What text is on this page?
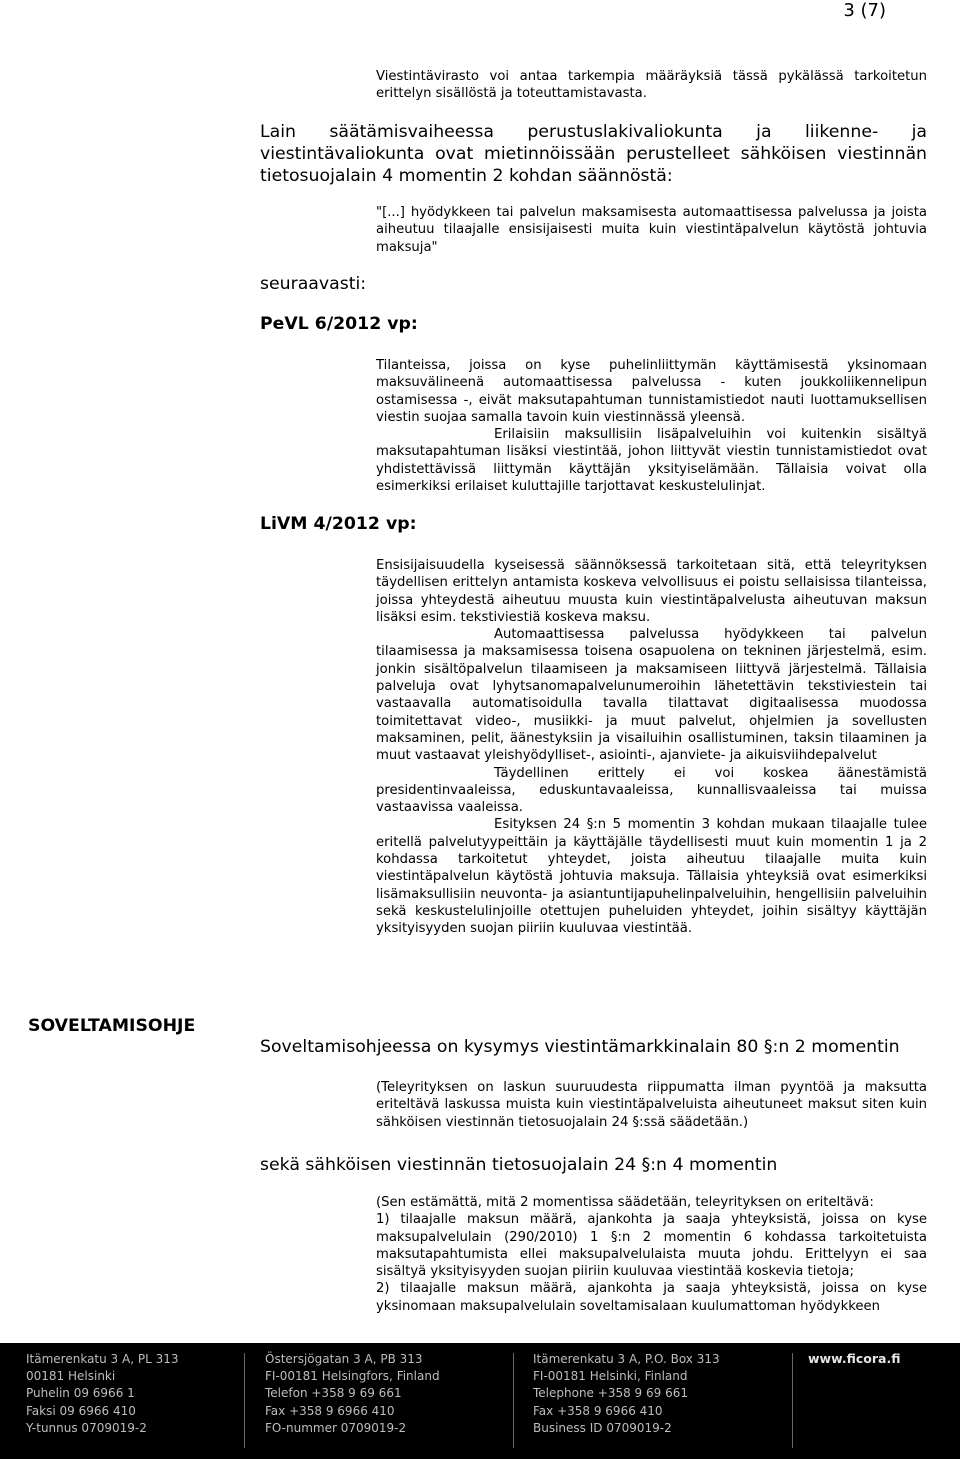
3 (7)

Viestintävirasto voi antaa tarkempia määräyksiä tässä pykälässä tarkoitetun erittelyn sisällöstä ja toteuttamistavasta.

Lain säätämisvaiheessa perustuslakivaliokunta ja liikenne- ja viestintävaliokunta ovat mietinnöissään perustelleet sähköisen viestinnän tietosuojalain 4 momentin 2 kohdan säännöstä:

"[...] hyödykkeen tai palvelun maksamisesta automaattisessa palvelussa ja joista aiheutuu tilaajalle ensisijaisesti muita kuin viestintäpalvelun käytöstä johtuvia maksuja"

seuraavasti:

PeVL 6/2012 vp:

Tilanteissa, joissa on kyse puhelinliittymän käyttämisestä yksinomaan maksuvälineenä automaattisessa palvelussa - kuten joukkoliikennelipun ostamisessa -, eivät maksutapahtuman tunnistamistiedot nauti luottamuksellisen viestin suojaa samalla tavoin kuin viestinnässä yleensä.

Erilaisiin maksullisiin lisäpalveluihin voi kuitenkin sisältyä maksutapahtuman lisäksi viestintää, johon liittyvät viestin tunnistamistiedot ovat yhdistettävissä liittymän käyttäjän yksityiselämään. Tällaisia voivat olla esimerkiksi erilaiset kuluttajille tarjottavat keskustelulinjat.

LiVM 4/2012 vp:

Ensisijaisuudella kyseisessä säännöksessä tarkoitetaan sitä, että teleyrityksen täydellisen erittelyn antamista koskeva velvollisuus ei poistu sellaisissa tilanteissa, joissa yhteydestä aiheutuu muusta kuin viestintäpalvelusta aiheutuvan maksun lisäksi esim. tekstiviestiä koskeva maksu.

Automaattisessa palvelussa hyödykkeen tai palvelun tilaamisessa ja maksamisessa toisena osapuolena on tekninen järjestelmä, esim. jonkin sisältöpalvelun tilaamiseen ja maksamiseen liittyvä järjestelmä. Tällaisia palveluja ovat lyhytsanomapalvelunumeroihin lähetettävin tekstiviestein tai vastaavalla automatisoidulla tavalla tilattavat digitaalisessa muodossa toimitettavat video-, musiikki- ja muut palvelut, ohjelmien ja sovellusten maksaminen, pelit, äänestyksiin ja visailuihin osallistuminen, taksin tilaaminen ja muut vastaavat yleishyödylliset-, asiointi-, ajanviete- ja aikuisviihdepalvelut

Täydellinen erittely ei voi koskea äänestämistä presidentinvaaleissa, eduskuntavaaleissa, kunnallisvaaleissa tai muissa vastaavissa vaaleissa.

Esityksen 24 §:n 5 momentin 3 kohdan mukaan tilaajalle tulee eritellä palvelutyypeittäin ja käyttäjälle täydellisesti muut kuin momentin 1 ja 2 kohdassa tarkoitetut yhteydet, joista aiheutuu tilaajalle muita kuin viestintäpalvelun käytöstä johtuvia maksuja. Tällaisia yhteyksiä ovat esimerkiksi lisämaksullisiin neuvonta- ja asiantuntijapuhelinpalveluihin, hengellisiin palveluihin sekä keskustelulinjoille otettujen puheluiden yhteydet, joihin sisältyy käyttäjän yksityisyyden suojan piiriin kuuluvaa viestintää.

SOVELTAMISOHJE

Soveltamisohjeessa on kysymys viestintämarkkinalain 80 §:n 2 momentin

(Teleyrityksen on laskun suuruudesta riippumatta ilman pyyntöä ja maksutta eriteltävä laskussa muista kuin viestintäpalveluista aiheutuneet maksut siten kuin sähköisen viestinnän tietosuojalain 24 §:ssä säädetään.)

sekä sähköisen viestinnän tietosuojalain 24 §:n 4 momentin

(Sen estämättä, mitä 2 momentissa säädetään, teleyrityksen on eriteltävä:

1) tilaajalle maksun määrä, ajankohta ja saaja yhteyksistä, joissa on kyse maksupalvelulain (290/2010) 1 §:n 2 momentin 6 kohdassa tarkoitetuista maksutapahtumista ellei maksupalvelulaista muuta johdu. Erittelyyn ei saa sisältyä yksityisyyden suojan piiriin kuuluvaa viestintää koskevia tietoja;

2) tilaajalle maksun määrä, ajankohta ja saaja yhteyksistä, joissa on kyse yksinomaan maksupalvelulain soveltamisalaan kuulumattoman hyödykkeen

Itämerenkatu 3 A, PL 313
00181 Helsinki
Puhelin 09 6966 1
Faksi 09 6966 410
Y-tunnus 0709019-2
Östersjögatan 3 A, PB 313
FI-00181 Helsingfors, Finland
Telefon +358 9 69 661
Fax +358 9 6966 410
FO-nummer 0709019-2
Itämerenkatu 3 A, P.O. Box 313
FI-00181 Helsinki, Finland
Telephone +358 9 69 661
Fax +358 9 6966 410
Business ID 0709019-2
www.ficora.fi
